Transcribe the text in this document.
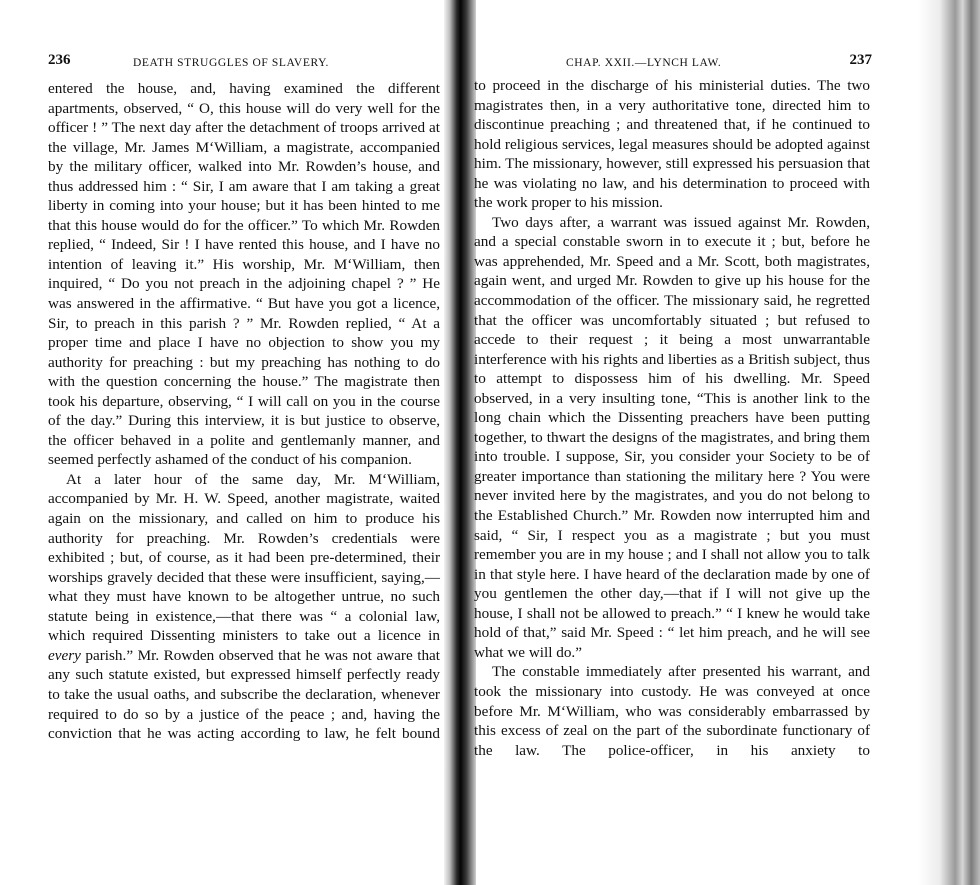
236	DEATH STRUGGLES OF SLAVERY.

entered the house, and, having examined the different apartments, observed, “ O, this house will do very well for the officer ! ” The next day after the detachment of troops arrived at the village, Mr. James M‘William, a magistrate, accompanied by the military officer, walked into Mr. Rowden’s house, and thus addressed him : “ Sir, I am aware that I am taking a great liberty in coming into your house; but it has been hinted to me that this house would do for the officer.” To which Mr. Rowden replied, “ Indeed, Sir ! I have rented this house, and I have no intention of leaving it.” His worship, Mr. M‘William, then inquired, “ Do you not preach in the adjoining chapel ? ” He was answered in the affirmative. “ But have you got a licence, Sir, to preach in this parish ? ” Mr. Rowden replied, “ At a proper time and place I have no objection to show you my authority for preaching : but my preaching has nothing to do with the question concerning the house.” The magistrate then took his departure, observing, “ I will call on you in the course of the day.” During this interview, it is but justice to observe, the officer behaved in a polite and gentlemanly manner, and seemed perfectly ashamed of the conduct of his companion.

At a later hour of the same day, Mr. M‘William, accompanied by Mr. H. W. Speed, another magistrate, waited again on the missionary, and called on him to produce his authority for preaching. Mr. Rowden’s credentials were exhibited ; but, of course, as it had been pre-determined, their worships gravely decided that these were insufficient, saying,—what they must have known to be altogether untrue, no such statute being in existence,—that there was “ a colonial law, which required Dissenting ministers to take out a licence in every parish.” Mr. Rowden observed that he was not aware that any such statute existed, but expressed himself perfectly ready to take the usual oaths, and subscribe the declaration, whenever required to do so by a justice of the peace ; and, having the conviction that he was acting according to law, he felt bound

CHAP. XXII.—LYNCH LAW.	237

to proceed in the discharge of his ministerial duties. The two magistrates then, in a very authoritative tone, directed him to discontinue preaching ; and threatened that, if he continued to hold religious services, legal measures should be adopted against him. The missionary, however, still expressed his persuasion that he was violating no law, and his determination to proceed with the work proper to his mission.

Two days after, a warrant was issued against Mr. Rowden, and a special constable sworn in to execute it ; but, before he was apprehended, Mr. Speed and a Mr. Scott, both magistrates, again went, and urged Mr. Rowden to give up his house for the accommodation of the officer. The missionary said, he regretted that the officer was uncomfortably situated ; but refused to accede to their request ; it being a most unwarrantable interference with his rights and liberties as a British subject, thus to attempt to dispossess him of his dwelling. Mr. Speed observed, in a very insulting tone, “This is another link to the long chain which the Dissenting preachers have been putting together, to thwart the designs of the magistrates, and bring them into trouble. I suppose, Sir, you consider your Society to be of greater importance than stationing the military here ? You were never invited here by the magistrates, and you do not belong to the Established Church.” Mr. Rowden now interrupted him and said, “ Sir, I respect you as a magistrate ; but you must remember you are in my house ; and I shall not allow you to talk in that style here. I have heard of the declaration made by one of you gentlemen the other day,—that if I will not give up the house, I shall not be allowed to preach.” “ I knew he would take hold of that,” said Mr. Speed : “ let him preach, and he will see what we will do.”

The constable immediately after presented his warrant, and took the missionary into custody. He was conveyed at once before Mr. M‘William, who was considerably embarrassed by this excess of zeal on the part of the subordinate functionary of the law. The police-officer, in his anxiety to
